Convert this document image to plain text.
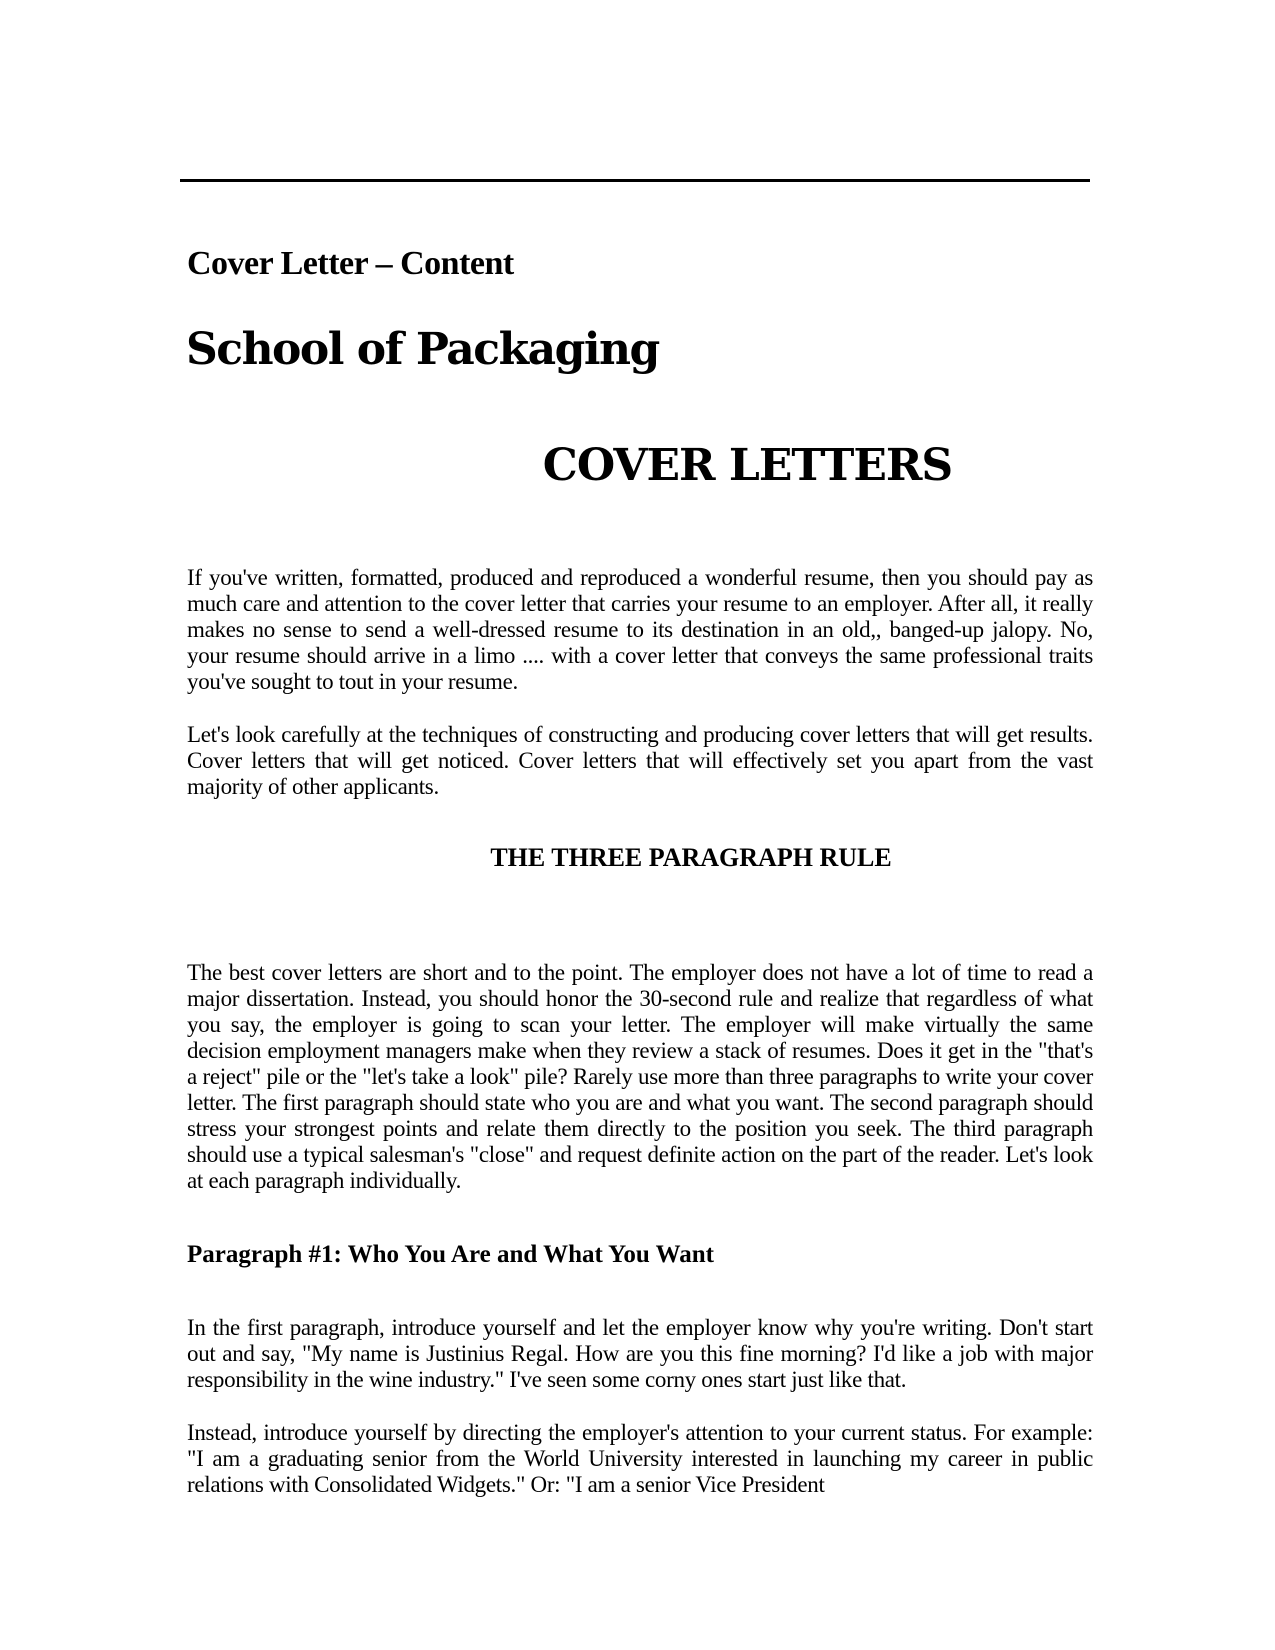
Cover Letter – Content
School of Packaging
COVER LETTERS

If you've written, formatted, produced and reproduced a wonderful resume, then you should pay as much care and attention to the cover letter that carries your resume to an employer. After all, it really makes no sense to send a well-dressed resume to its destination in an old,, banged-up jalopy. No, your resume should arrive in a limo .... with a cover letter that conveys the same professional traits you've sought to tout in your resume.

Let's look carefully at the techniques of constructing and producing cover letters that will get results. Cover letters that will get noticed. Cover letters that will effectively set you apart from the vast majority of other applicants.

THE THREE PARAGRAPH RULE

The best cover letters are short and to the point. The employer does not have a lot of time to read a major dissertation. Instead, you should honor the 30-second rule and realize that regardless of what you say, the employer is going to scan your letter. The employer will make virtually the same decision employment managers make when they review a stack of resumes. Does it get in the "that's a reject" pile or the "let's take a look" pile? Rarely use more than three paragraphs to write your cover letter. The first paragraph should state who you are and what you want. The second paragraph should stress your strongest points and relate them directly to the position you seek. The third paragraph should use a typical salesman's "close" and request definite action on the part of the reader. Let's look at each paragraph individually.

Paragraph #1: Who You Are and What You Want

In the first paragraph, introduce yourself and let the employer know why you're writing. Don't start out and say, "My name is Justinius Regal. How are you this fine morning? I'd like a job with major responsibility in the wine industry." I've seen some corny ones start just like that.

Instead, introduce yourself by directing the employer's attention to your current status. For example: "I am a graduating senior from the World University interested in launching my career in public relations with Consolidated Widgets." Or: "I am a senior Vice President
